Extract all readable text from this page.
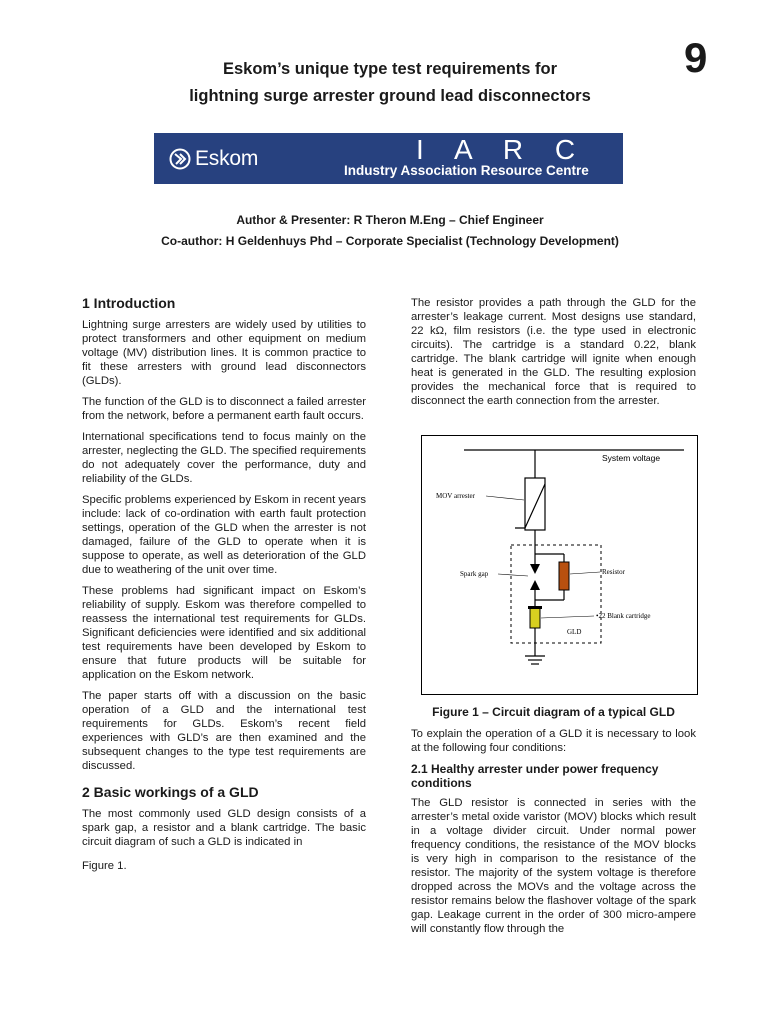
9
Eskom’s unique type test requirements for
lightning surge arrester ground lead disconnectors
Eskom	I A R C
Industry Association Resource Centre
Author & Presenter: R Theron M.Eng – Chief Engineer
Co-author: H Geldenhuys Phd – Corporate Specialist (Technology Development)
1 Introduction

Lightning surge arresters are widely used by utilities to protect transformers and other equipment on medium voltage (MV) distribution lines. It is common practice to fit these arresters with ground lead disconnectors (GLDs).

The function of the GLD is to disconnect a failed arrester from the network, before a permanent earth fault occurs.

International specifications tend to focus mainly on the arrester, neglecting the GLD. The specified requirements do not adequately cover the performance, duty and reliability of the GLDs.

Specific problems experienced by Eskom in recent years include: lack of co-ordination with earth fault protection settings, operation of the GLD when the arrester is not damaged, failure of the GLD to operate when it is suppose to operate, as well as deterioration of the GLD due to weathering of the unit over time.

These problems had significant impact on Eskom’s reliability of supply. Eskom was therefore compelled to reassess the international test requirements for GLDs. Significant deficiencies were identified and six additional test requirements have been developed by Eskom to ensure that future products will be suitable for application on the Eskom network.

The paper starts off with a discussion on the basic operation of a GLD and the international test requirements for GLDs. Eskom’s recent field experiences with GLD’s are then examined and the subsequent changes to the type test requirements are discussed.

2 Basic workings of a GLD

The most commonly used GLD design consists of a spark gap, a resistor and a blank cartridge. The basic circuit diagram of such a GLD is indicated in

Figure 1.

The resistor provides a path through the GLD for the arrester’s leakage current. Most designs use standard, 22 kΩ, film resistors (i.e. the type used in electronic circuits). The cartridge is a standard 0.22, blank cartridge. The blank cartridge will ignite when enough heat is generated in the GLD. The resulting explosion provides the mechanical force that is required to disconnect the earth connection from the arrester.

System voltage
MOV arrester
Spark gap	Resistor
•22 Blank cartridge
GLD
Figure 1 – Circuit diagram of a typical GLD

To explain the operation of a GLD it is necessary to look at the following four conditions:

2.1 Healthy arrester under power frequency conditions

The GLD resistor is connected in series with the arrester’s metal oxide varistor (MOV) blocks which result in a voltage divider circuit. Under normal power frequency conditions, the resistance of the MOV blocks is very high in comparison to the resistance of the resistor. The majority of the system voltage is therefore dropped across the MOVs and the voltage across the resistor remains below the flashover voltage of the spark gap. Leakage current in the order of 300 micro-ampere will constantly flow through the
